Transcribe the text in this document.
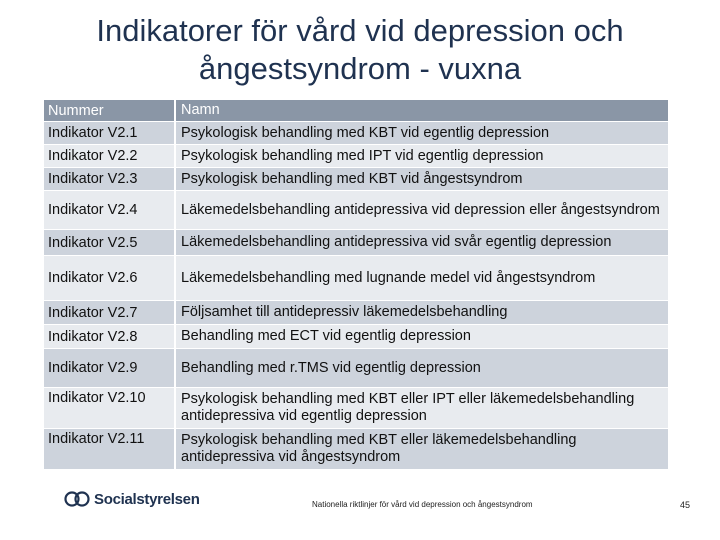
Indikatorer för vård vid depression och ångestsyndrom - vuxna
Nummer	Namn
Indikator V2.1	Psykologisk behandling med KBT vid egentlig depression
Indikator V2.2	Psykologisk behandling med IPT vid egentlig depression
Indikator V2.3	Psykologisk behandling med KBT vid ångestsyndrom
Indikator V2.4	Läkemedelsbehandling antidepressiva vid depression eller ångestsyndrom
Indikator V2.5	Läkemedelsbehandling antidepressiva vid svår egentlig depression
Indikator V2.6	Läkemedelsbehandling med lugnande medel vid ångestsyndrom
Indikator V2.7	Följsamhet till antidepressiv läkemedelsbehandling
Indikator V2.8	Behandling med ECT vid egentlig depression
Indikator V2.9	Behandling med r.TMS vid egentlig depression
Indikator V2.10	Psykologisk behandling med KBT eller IPT eller läkemedelsbehandling antidepressiva vid egentlig depression
Indikator V2.11	Psykologisk behandling med KBT eller läkemedelsbehandling antidepressiva vid ångestsyndrom
Socialstyrelsen	Nationella riktlinjer för vård vid depression och ångestsyndrom	45
